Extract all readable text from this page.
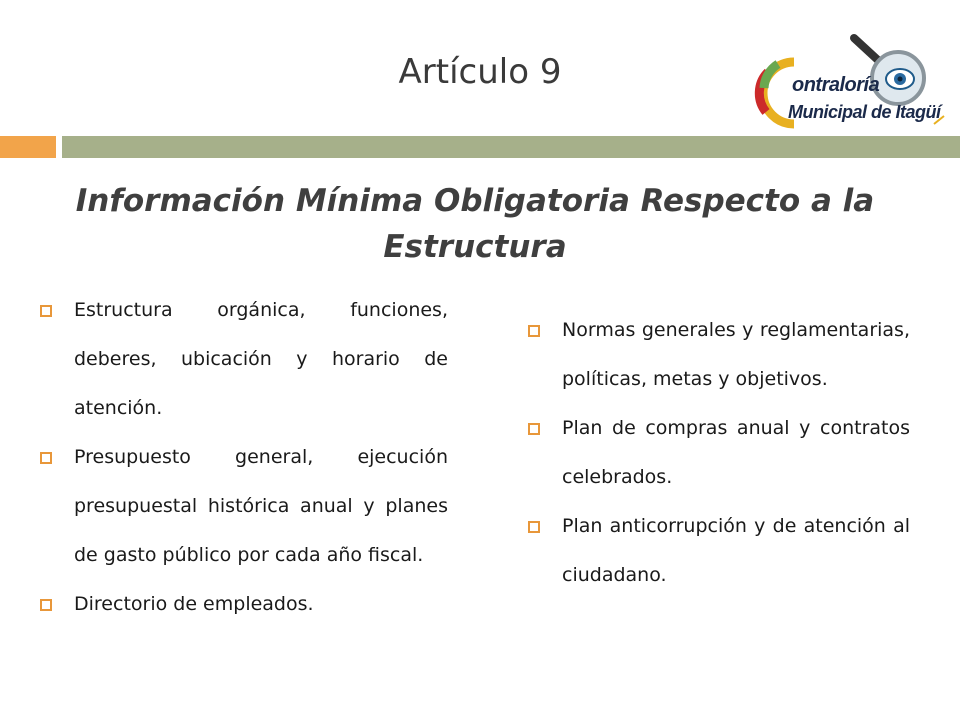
Artículo 9	ontraloría
Municipal de Itagüí
Información Mínima Obligatoria Respecto a la Estructura
Estructura orgánica, funciones, deberes, ubicación y horario de atención.
Presupuesto general, ejecución presupuestal histórica anual y planes de gasto público por cada año fiscal.
Directorio de empleados.
Normas generales y reglamentarias, políticas, metas y objetivos.
Plan de compras anual y contratos celebrados.
Plan anticorrupción y de atención al ciudadano.
